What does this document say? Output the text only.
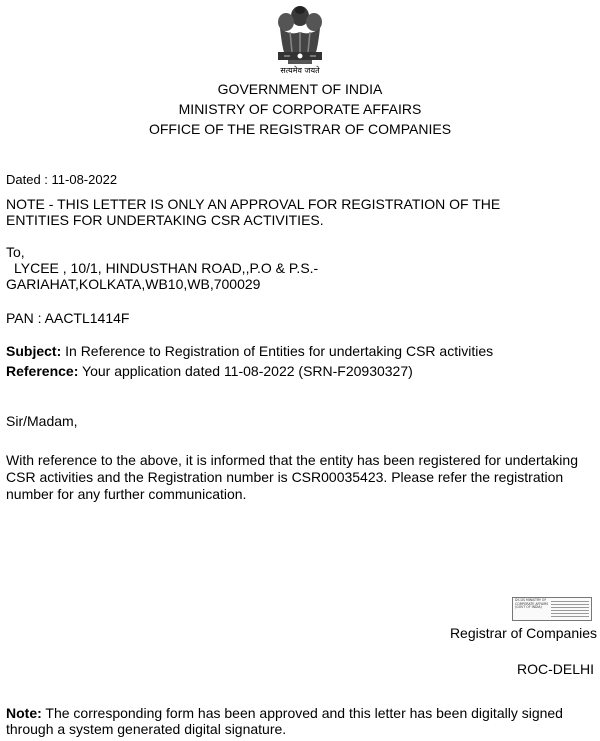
सत्यमेव जयते
GOVERNMENT OF INDIA
MINISTRY OF CORPORATE AFFAIRS
OFFICE OF THE REGISTRAR OF COMPANIES
Dated : 11-08-2022
NOTE - THIS LETTER IS ONLY AN APPROVAL FOR REGISTRATION OF THE
ENTITIES FOR UNDERTAKING CSR ACTIVITIES.
To,
LYCEE , 10/1, HINDUSTHAN ROAD,,P.O & P.S.-
GARIAHAT,KOLKATA,WB10,WB,700029
PAN : AACTL1414F
Subject: In Reference to Registration of Entities for undertaking CSR activities
Reference: Your application dated 11-08-2022 (SRN-F20930327)
Sir/Madam,
With reference to the above, it is informed that the entity has been registered for undertaking
CSR activities and the Registration number is CSR00035423. Please refer the registration
number for any further communication.
DS DS MINISTRY OF CORPORATE AFFAIRS (GOVT OF INDIA)
Registrar of Companies
ROC-DELHI
Note: The corresponding form has been approved and this letter has been digitally signed
through a system generated digital signature.
